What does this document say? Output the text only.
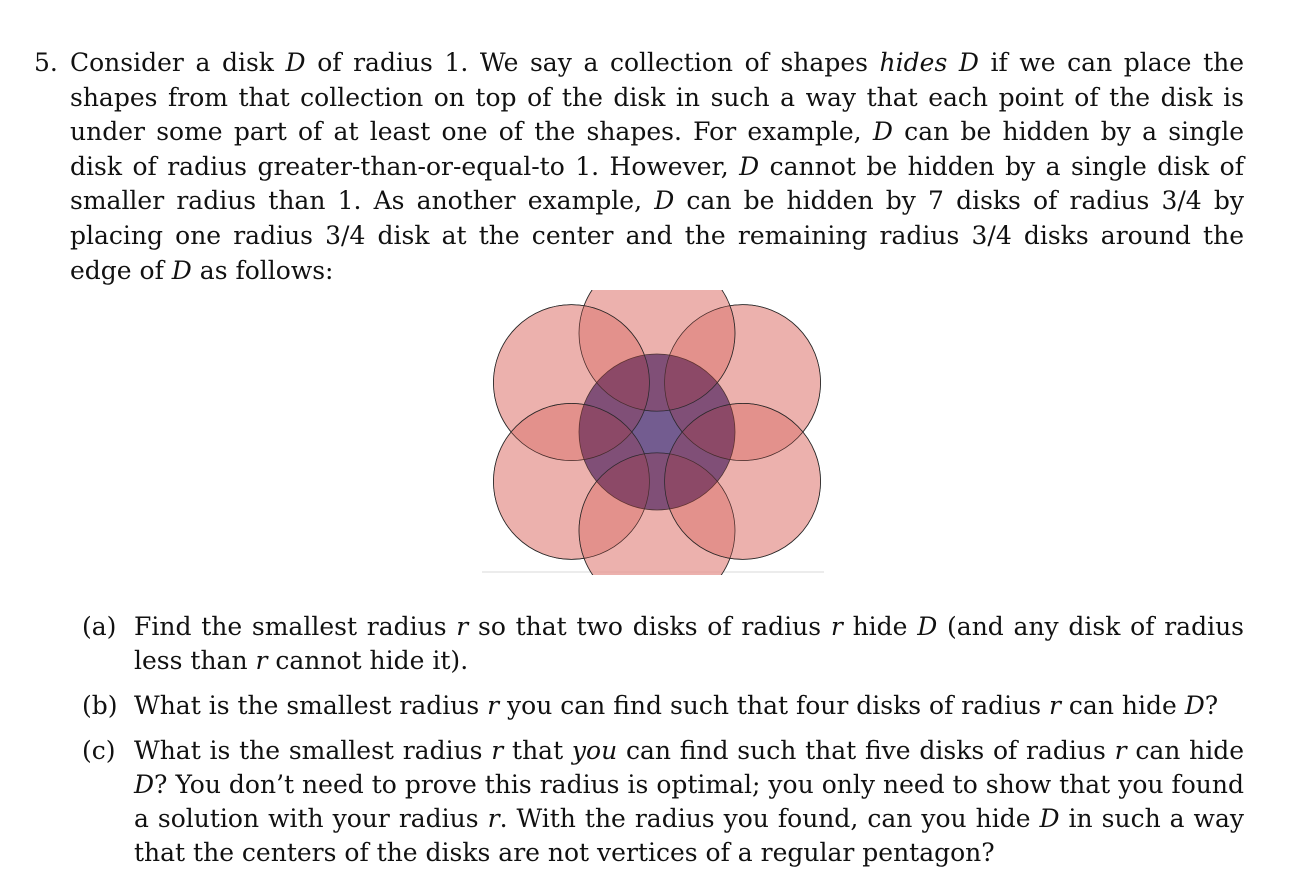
5. Consider a disk D of radius 1. We say a collection of shapes hides D if we can place the shapes from that collection on top of the disk in such a way that each point of the disk is under some part of at least one of the shapes. For example, D can be hidden by a single disk of radius greater-than-or-equal-to 1. However, D cannot be hidden by a single disk of smaller radius than 1. As another example, D can be hidden by 7 disks of radius 3/4 by placing one radius 3/4 disk at the center and the remaining radius 3/4 disks around the edge of D as follows:

(a) Find the smallest radius r so that two disks of radius r hide D (and any disk of radius less than r cannot hide it).
(b) What is the smallest radius r you can find such that four disks of radius r can hide D?
(c) What is the smallest radius r that you can find such that five disks of radius r can hide D? You don’t need to prove this radius is optimal; you only need to show that you found a solution with your radius r. With the radius you found, can you hide D in such a way that the centers of the disks are not vertices of a regular pentagon?
